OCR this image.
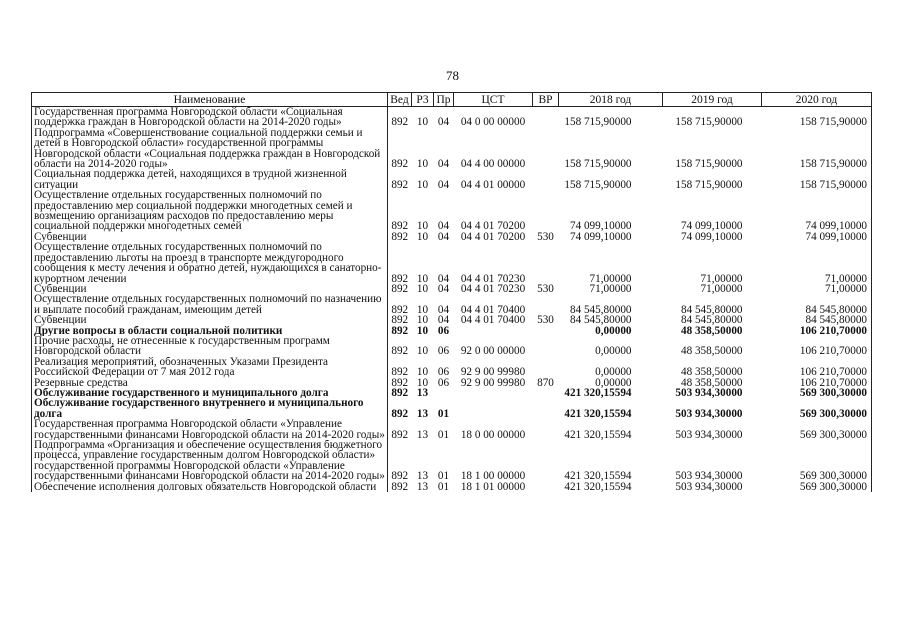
78
Наименование	Вед	Р3	Пр	ЦСТ	ВР	2018 год	2019 год	2020 год
Государственная программа Новгородской области «Социальная поддержка граждан в Новгородской области на 2014-2020 годы»	892	10	04	04 0 00 00000		158 715,90000	158 715,90000	158 715,90000
Подпрограмма «Совершенствование социальной поддержки семьи и детей в Новгородской области» государственной программы Новгородской области «Социальная поддержка граждан в Новгородской области на 2014-2020 годы»	892	10	04	04 4 00 00000		158 715,90000	158 715,90000	158 715,90000
Социальная поддержка детей, находящихся в трудной жизненной ситуации	892	10	04	04 4 01 00000		158 715,90000	158 715,90000	158 715,90000
Осуществление отдельных государственных полномочий по предоставлению мер социальной поддержки многодетных семей и возмещению организациям расходов по предоставлению меры социальной поддержки многодетных семей	892	10	04	04 4 01 70200		74 099,10000	74 099,10000	74 099,10000
Субвенции	892	10	04	04 4 01 70200	530	74 099,10000	74 099,10000	74 099,10000
Осуществление отдельных государственных полномочий по предоставлению льготы на проезд в транспорте междугородного сообщения к месту лечения и обратно детей, нуждающихся в санаторно-курортном лечении	892	10	04	04 4 01 70230		71,00000	71,00000	71,00000
Субвенции	892	10	04	04 4 01 70230	530	71,00000	71,00000	71,00000
Осуществление отдельных государственных полномочий по назначению и выплате пособий гражданам, имеющим детей	892	10	04	04 4 01 70400		84 545,80000	84 545,80000	84 545,80000
Субвенции	892	10	04	04 4 01 70400	530	84 545,80000	84 545,80000	84 545,80000
Другие вопросы в области социальной политики	892	10	06			0,00000	48 358,50000	106 210,70000
Прочие расходы, не отнесенные к государственным программ Новгородской области	892	10	06	92 0 00 00000		0,00000	48 358,50000	106 210,70000
Реализация мероприятий, обозначенных Указами Президента Российской Федерации от 7 мая 2012 года	892	10	06	92 9 00 99980		0,00000	48 358,50000	106 210,70000
Резервные средства	892	10	06	92 9 00 99980	870	0,00000	48 358,50000	106 210,70000
Обслуживание государственного и муниципального долга	892	13				421 320,15594	503 934,30000	569 300,30000
Обслуживание государственного внутреннего и муниципального долга	892	13	01			421 320,15594	503 934,30000	569 300,30000
Государственная программа Новгородской области «Управление государственными финансами Новгородской области на 2014-2020 годы»	892	13	01	18 0 00 00000		421 320,15594	503 934,30000	569 300,30000
Подпрограмма «Организация и обеспечение осуществления бюджетного процесса, управление государственным долгом Новгородской области» государственной программы Новгородской области «Управление государственными финансами Новгородской области на 2014-2020 годы»	892	13	01	18 1 00 00000		421 320,15594	503 934,30000	569 300,30000
Обеспечение исполнения долговых обязательств Новгородской области	892	13	01	18 1 01 00000		421 320,15594	503 934,30000	569 300,30000
